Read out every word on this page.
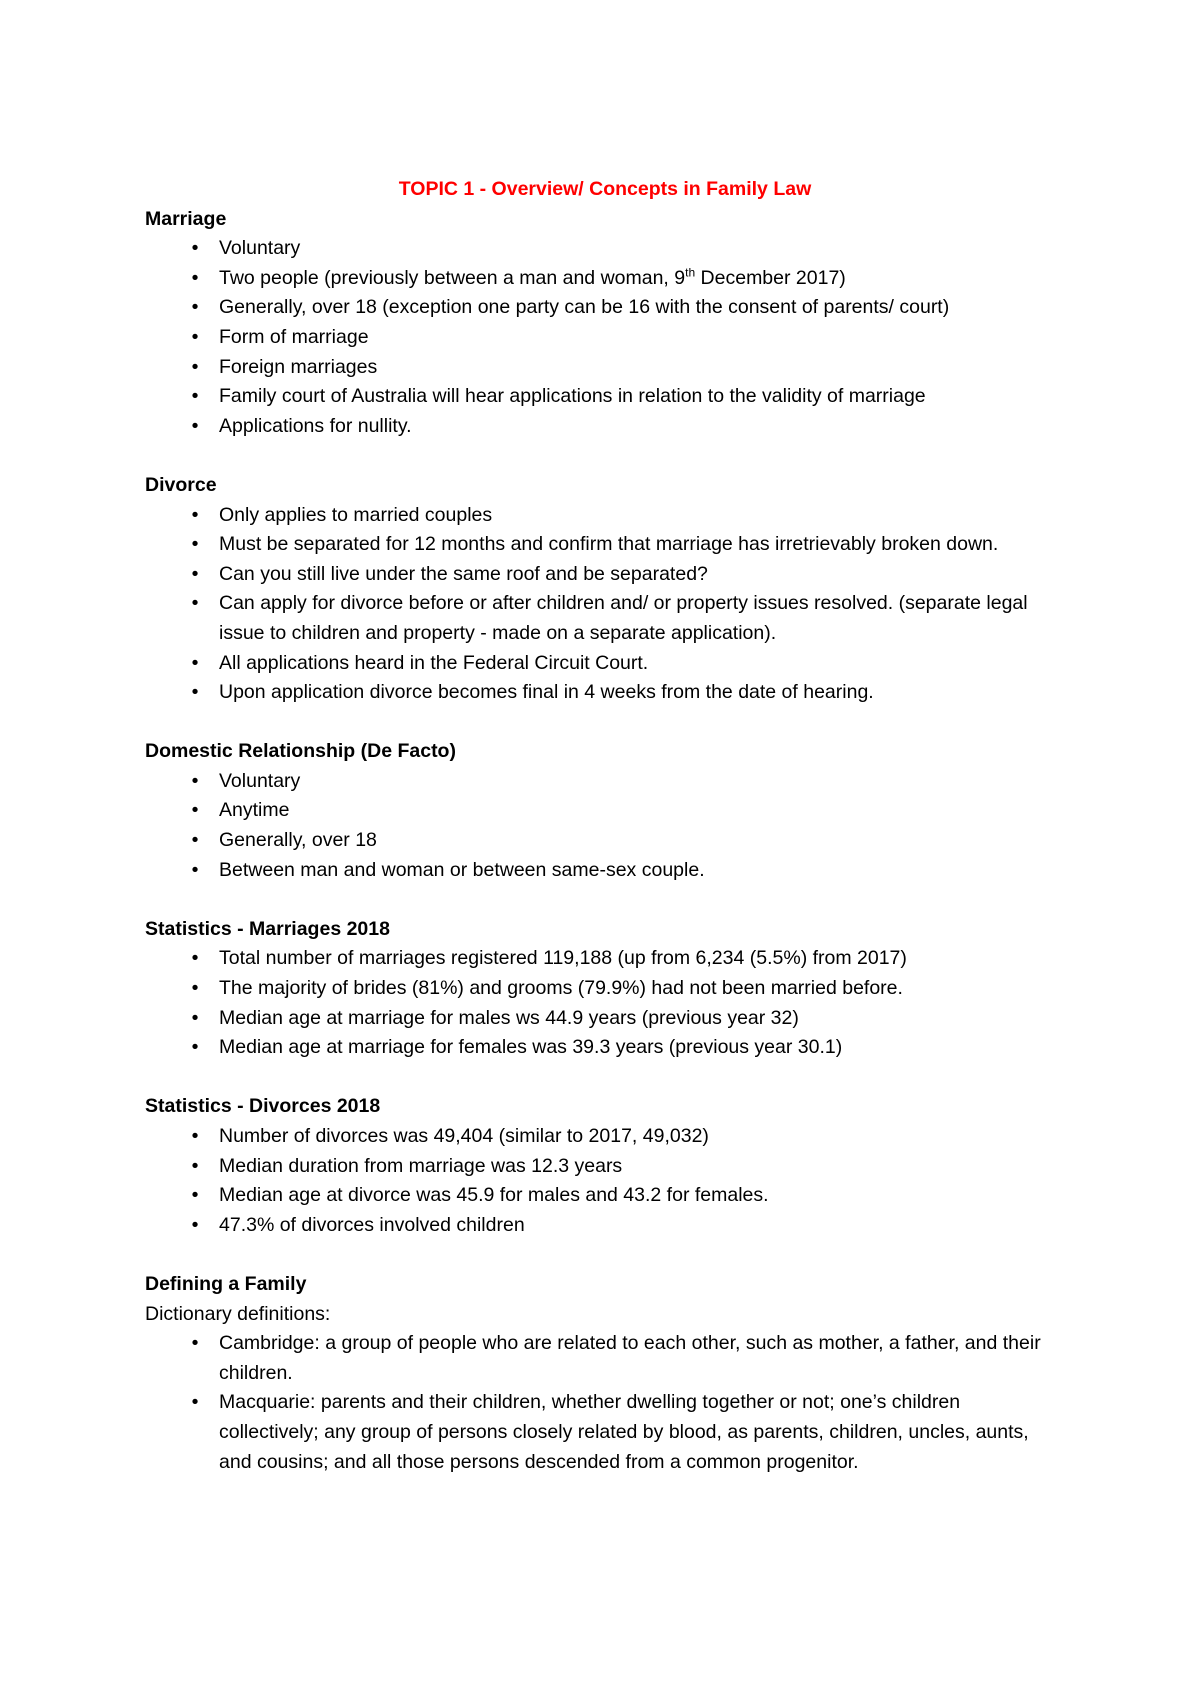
TOPIC 1 - Overview/ Concepts in Family Law
Marriage
•	Voluntary
•	Two people (previously between a man and woman, 9th December 2017)
•	Generally, over 18 (exception one party can be 16 with the consent of parents/ court)
•	Form of marriage
•	Foreign marriages
•	Family court of Australia will hear applications in relation to the validity of marriage
•	Applications for nullity.
Divorce
•	Only applies to married couples
•	Must be separated for 12 months and confirm that marriage has irretrievably broken down.
•	Can you still live under the same roof and be separated?
•	Can apply for divorce before or after children and/ or property issues resolved. (separate legal issue to children and property - made on a separate application).
•	All applications heard in the Federal Circuit Court.
•	Upon application divorce becomes final in 4 weeks from the date of hearing.
Domestic Relationship (De Facto)
•	Voluntary
•	Anytime
•	Generally, over 18
•	Between man and woman or between same-sex couple.
Statistics - Marriages 2018
•	Total number of marriages registered 119,188 (up from 6,234 (5.5%) from 2017)
•	The majority of brides (81%) and grooms (79.9%) had not been married before.
•	Median age at marriage for males ws 44.9 years (previous year 32)
•	Median age at marriage for females was 39.3 years (previous year 30.1)
Statistics - Divorces 2018
•	Number of divorces was 49,404 (similar to 2017, 49,032)
•	Median duration from marriage was 12.3 years
•	Median age at divorce was 45.9 for males and 43.2 for females.
•	47.3% of divorces involved children
Defining a Family
Dictionary definitions:
•	Cambridge: a group of people who are related to each other, such as mother, a father, and their children.
•	Macquarie: parents and their children, whether dwelling together or not; one’s children collectively; any group of persons closely related by blood, as parents, children, uncles, aunts, and cousins; and all those persons descended from a common progenitor.
